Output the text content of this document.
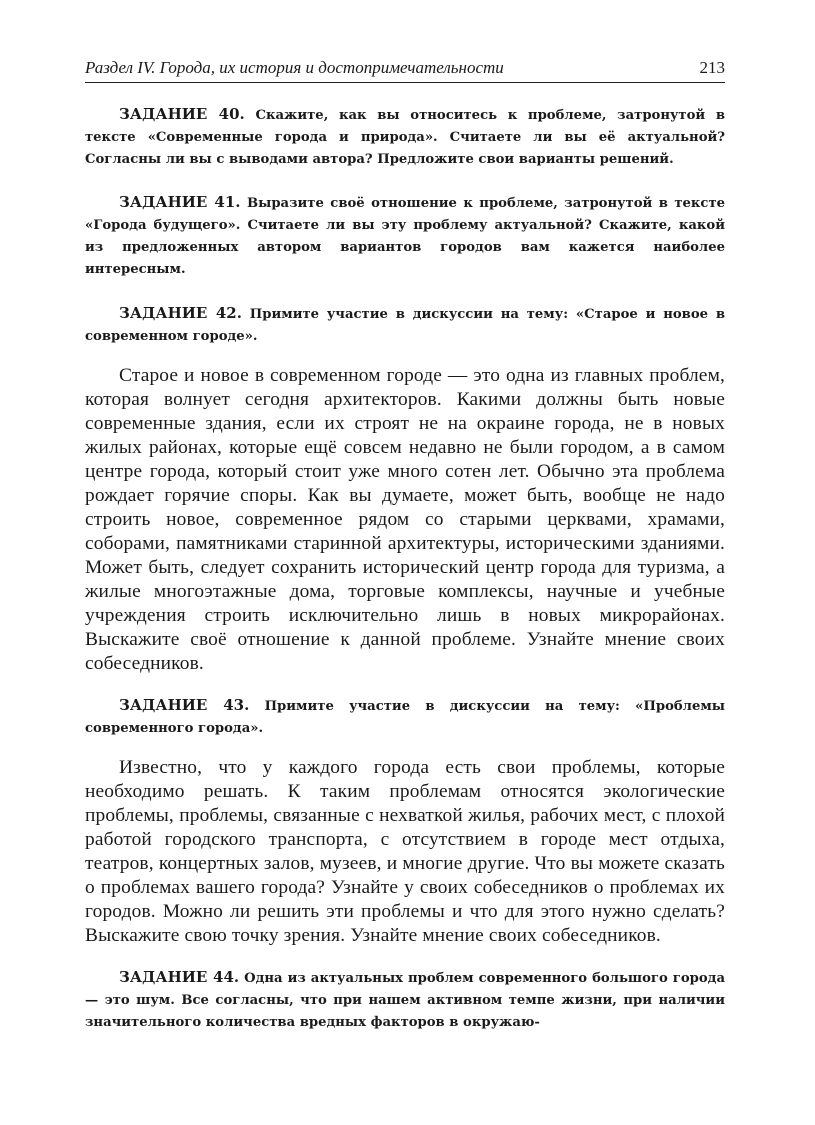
Раздел IV. Города, их история и достопримечательности	213

ЗАДАНИЕ 40. Скажите, как вы относитесь к проблеме, затронутой в тексте «Современные города и природа». Считаете ли вы её актуальной? Согласны ли вы с выводами автора? Предложите свои варианты решений.

ЗАДАНИЕ 41. Выразите своё отношение к проблеме, затронутой в тексте «Города будущего». Считаете ли вы эту проблему актуальной? Скажите, какой из предложенных автором вариантов городов вам кажется наиболее интересным.

ЗАДАНИЕ 42. Примите участие в дискуссии на тему: «Старое и новое в современном городе».

Старое и новое в современном городе — это одна из главных проблем, которая волнует сегодня архитекторов. Какими должны быть новые современные здания, если их строят не на окраине города, не в новых жилых районах, которые ещё совсем недавно не были городом, а в самом центре города, который стоит уже много сотен лет. Обычно эта проблема рождает горячие споры. Как вы думаете, может быть, вообще не надо строить новое, современное рядом со старыми церквами, храмами, соборами, памятниками старинной архитектуры, историческими зданиями. Может быть, следует сохранить исторический центр города для туризма, а жилые многоэтажные дома, торговые комплексы, научные и учебные учреждения строить исключительно лишь в новых микрорайонах. Выскажите своё отношение к данной проблеме. Узнайте мнение своих собеседников.

ЗАДАНИЕ 43. Примите участие в дискуссии на тему: «Проблемы современного города».

Известно, что у каждого города есть свои проблемы, которые необходимо решать. К таким проблемам относятся экологические проблемы, проблемы, связанные с нехваткой жилья, рабочих мест, с плохой работой городского транспорта, с отсутствием в городе мест отдыха, театров, концертных залов, музеев, и многие другие. Что вы можете сказать о проблемах вашего города? Узнайте у своих собеседников о проблемах их городов. Можно ли решить эти проблемы и что для этого нужно сделать? Выскажите свою точку зрения. Узнайте мнение своих собеседников.

ЗАДАНИЕ 44. Одна из актуальных проблем современного большого города — это шум. Все согласны, что при нашем активном темпе жизни, при наличии значительного количества вредных факторов в окружаю-
